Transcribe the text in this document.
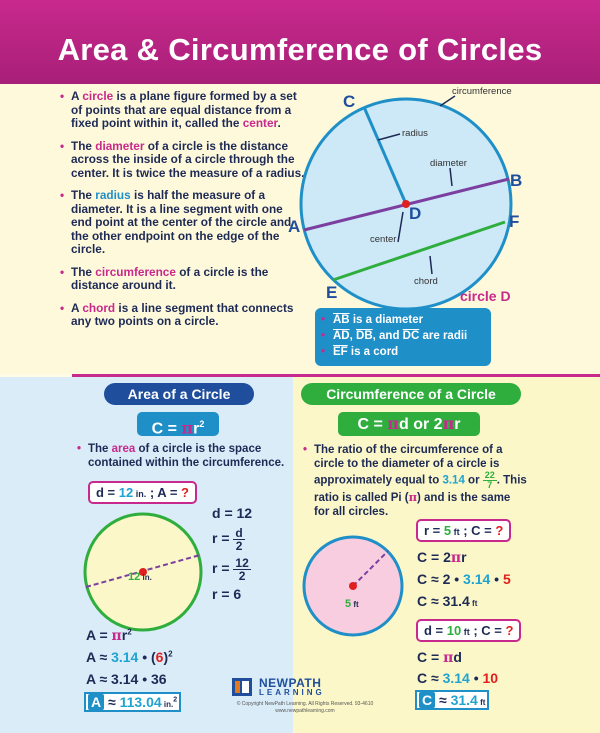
Area & Circumference of Circles
• A circle is a plane figure formed by a set of points that are equal distance from a fixed point within it, called the center.
• The diameter of a circle is the distance across the inside of a circle through the center. It is twice the measure of a radius.
• The radius is half the measure of a diameter. It is a line segment with one end point at the center of the circle and the other endpoint on the edge of the circle.
• The circumference of a circle is the distance around it.
• A chord is a line segment that connects any two points on a circle.
C
D
B
A	F
E
circumference
radius
diameter
center
chord
circle D
• $\overline{AB}$ is a diameter
• $\overline{AD}$, $\overline{DB}$, and $\overline{DC}$ are radii
• $\overline{EF}$ is a cord
Area of a Circle
$C = \pi r^2$
• The area of a circle is the space contained within the circumference.
d = 12 in. ; A = ?
12 in.
d = 12
$r = \frac{d}{2}$
$r = \frac{12}{2}$
r = 6
$A = \pi r^2$
A ≈ 3.14 • $(6)^2$
A ≈ 3.14 • 36
A ≈ 113.04 in.$^2$
Circumference of a Circle
C = πd or 2πr
• The ratio of the circumference of a circle to the diameter of a circle is approximately equal to 3.14 or $\frac{22}{7}$ . This ratio is called Pi (π) and is the same for all circles.
r = 5 ft ; C = ?
5 ft
C = 2πr
C ≈ 2 • 3.14 • 5
C ≈ 31.4 ft
d = 10 ft ; C = ?
C = πd
C ≈ 3.14 • 10
C ≈ 31.4 ft
NEWPATH
LEARNING
© Copyright NewPath Learning. All Rights Reserved. 93-4610
www.newpathlearning.com
